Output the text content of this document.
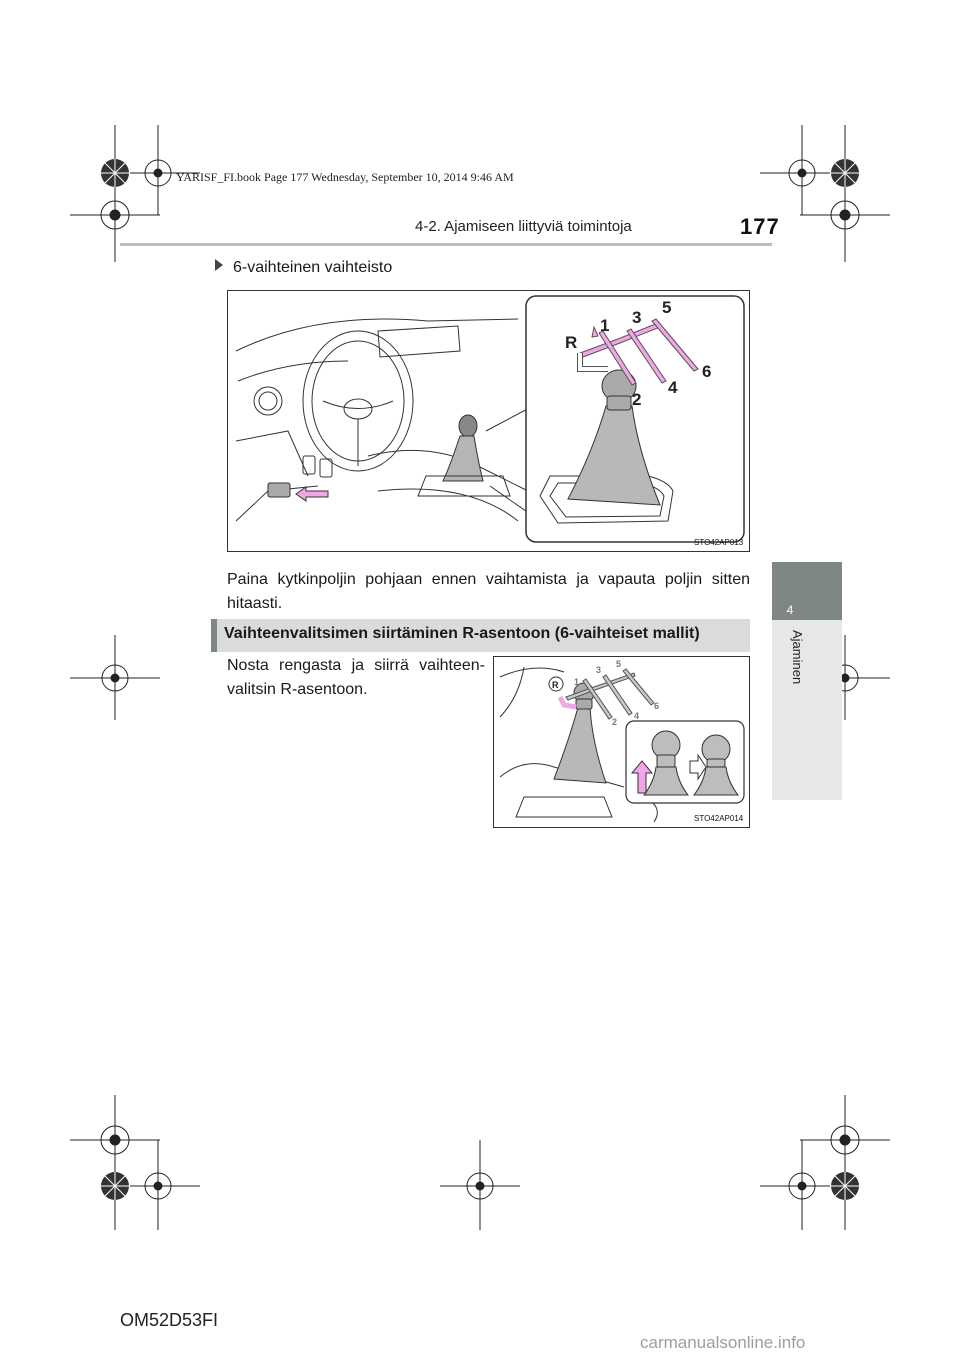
YARISF_FI.book Page 177 Wednesday, September 10, 2014 9:46 AM
4-2. Ajamiseen liittyviä toimintoja	177
4
Ajaminen
6-vaihteinen vaihteisto
R
1 3
5
2
4
6
STO42AP013
Paina kytkinpoljin pohjaan ennen vaihtamista ja vapauta poljin sitten hitaasti.
Vaihteenvalitsimen siirtäminen R-asentoon (6-vaihteiset mallit)
Nosta rengasta ja siirrä vaihteen-valitsin R-asentoon.	R 1
3
5
2
4
6
STO42AP014
OM52D53FI
carmanualsonline.info
